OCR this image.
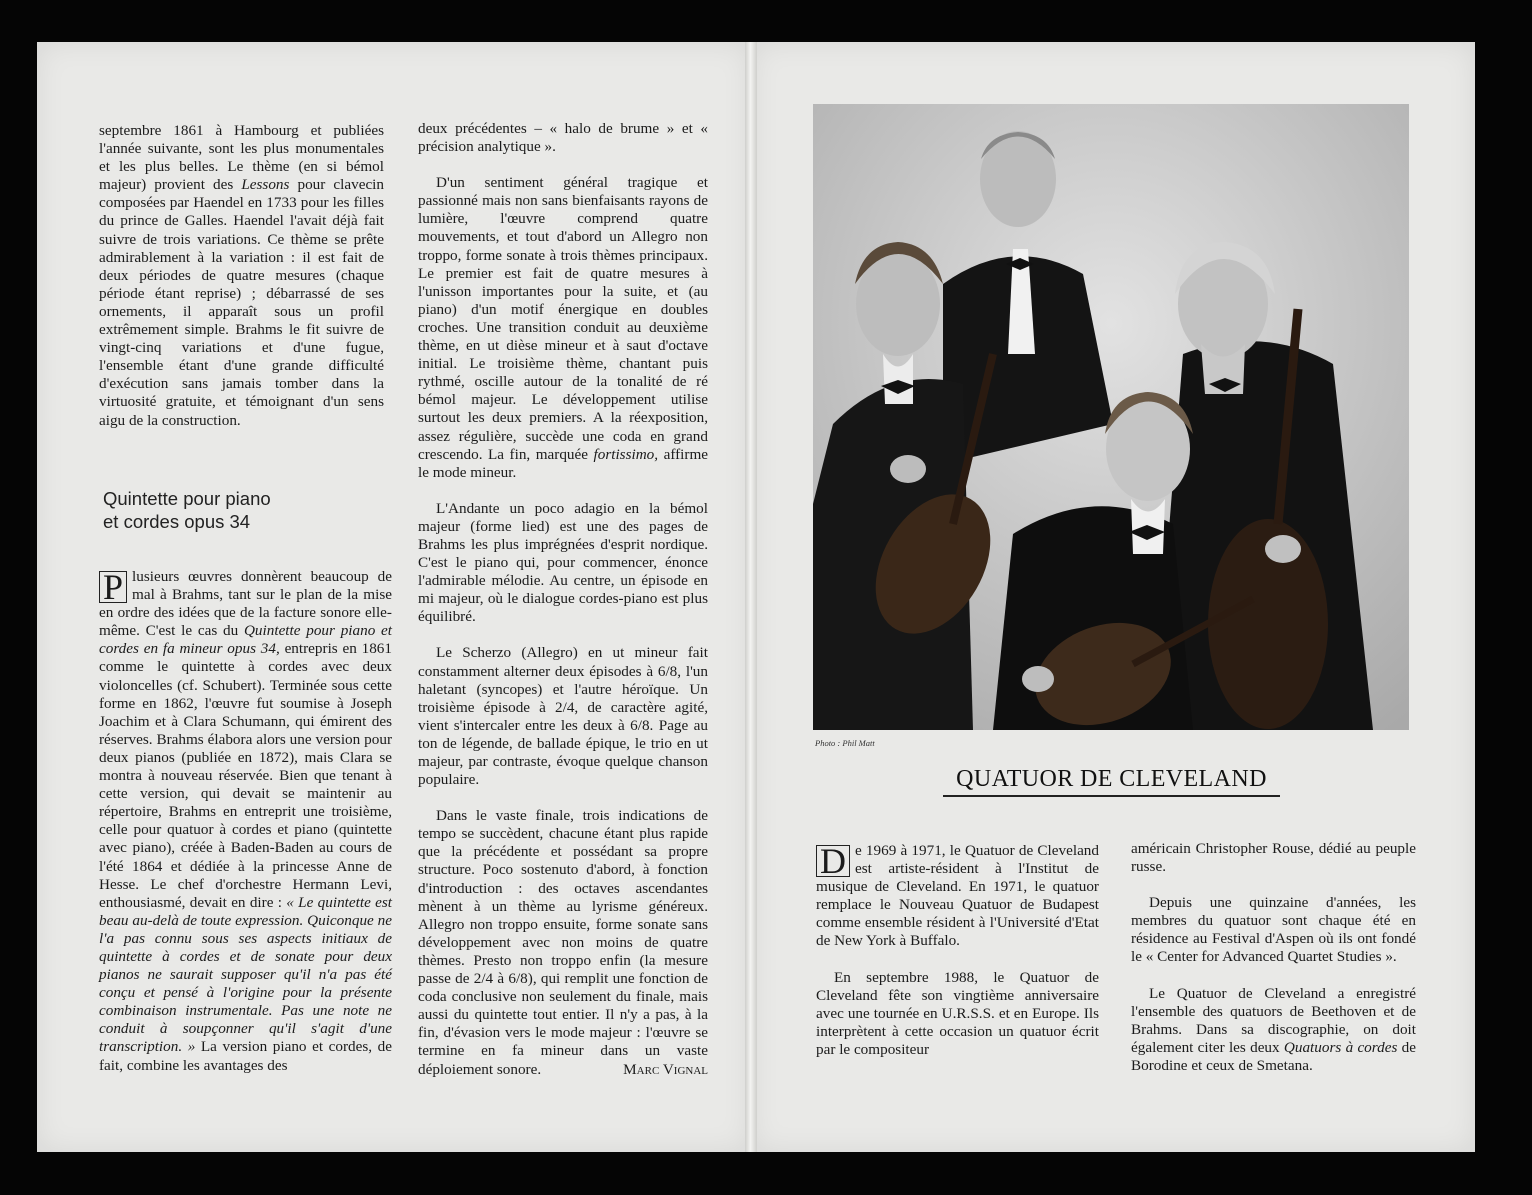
septembre 1861 à Hambourg et publiées l'année suivante, sont les plus monumentales et les plus belles. Le thème (en si bémol majeur) provient des Lessons pour clavecin composées par Haendel en 1733 pour les filles du prince de Galles. Haendel l'avait déjà fait suivre de trois variations. Ce thème se prête admirablement à la variation : il est fait de deux périodes de quatre mesures (chaque période étant reprise) ; débarrassé de ses ornements, il apparaît sous un profil extrêmement simple. Brahms le fit suivre de vingt-cinq variations et d'une fugue, l'ensemble étant d'une grande difficulté d'exécution sans jamais tomber dans la virtuosité gratuite, et témoignant d'un sens aigu de la construction.

Quintette pour piano
et cordes opus 34

P lusieurs œuvres donnèrent beaucoup de mal à Brahms, tant sur le plan de la mise en ordre des idées que de la facture sonore elle-même. C'est le cas du Quintette pour piano et cordes en fa mineur opus 34, entrepris en 1861 comme le quintette à cordes avec deux violoncelles (cf. Schubert). Terminée sous cette forme en 1862, l'œuvre fut soumise à Joseph Joachim et à Clara Schumann, qui émirent des réserves. Brahms élabora alors une version pour deux pianos (publiée en 1872), mais Clara se montra à nouveau réservée. Bien que tenant à cette version, qui devait se maintenir au répertoire, Brahms en entreprit une troisième, celle pour quatuor à cordes et piano (quintette avec piano), créée à Baden-Baden au cours de l'été 1864 et dédiée à la princesse Anne de Hesse. Le chef d'orchestre Hermann Levi, enthousiasmé, devait en dire : « Le quintette est beau au-delà de toute expression. Quiconque ne l'a pas connu sous ses aspects initiaux de quintette à cordes et de sonate pour deux pianos ne saurait supposer qu'il n'a pas été conçu et pensé à l'origine pour la présente combinaison instrumentale. Pas une note ne conduit à soupçonner qu'il s'agit d'une transcription. » La version piano et cordes, de fait, combine les avantages des

deux précédentes – « halo de brume » et « précision analytique ».

D'un sentiment général tragique et passionné mais non sans bienfaisants rayons de lumière, l'œuvre comprend quatre mouvements, et tout d'abord un Allegro non troppo, forme sonate à trois thèmes principaux. Le premier est fait de quatre mesures à l'unisson importantes pour la suite, et (au piano) d'un motif énergique en doubles croches. Une transition conduit au deuxième thème, en ut dièse mineur et à saut d'octave initial. Le troisième thème, chantant puis rythmé, oscille autour de la tonalité de ré bémol majeur. Le développement utilise surtout les deux premiers. A la réexposition, assez régulière, succède une coda en grand crescendo. La fin, marquée fortissimo, affirme le mode mineur.

L'Andante un poco adagio en la bémol majeur (forme lied) est une des pages de Brahms les plus imprégnées d'esprit nordique. C'est le piano qui, pour commencer, énonce l'admirable mélodie. Au centre, un épisode en mi majeur, où le dialogue cordes-piano est plus équilibré.

Le Scherzo (Allegro) en ut mineur fait constamment alterner deux épisodes à 6/8, l'un haletant (syncopes) et l'autre héroïque. Un troisième épisode à 2/4, de caractère agité, vient s'intercaler entre les deux à 6/8. Page au ton de légende, de ballade épique, le trio en ut majeur, par contraste, évoque quelque chanson populaire.

Dans le vaste finale, trois indications de tempo se succèdent, chacune étant plus rapide que la précédente et possédant sa propre structure. Poco sostenuto d'abord, à fonction d'introduction : des octaves ascendantes mènent à un thème au lyrisme généreux. Allegro non troppo ensuite, forme sonate sans développement avec non moins de quatre thèmes. Presto non troppo enfin (la mesure passe de 2/4 à 6/8), qui remplit une fonction de coda conclusive non seulement du finale, mais aussi du quintette tout entier. Il n'y a pas, à la fin, d'évasion vers le mode majeur : l'œuvre se termine en fa mineur dans un vaste déploiement sonore.	Marc Vignal

Photo : Phil Matt
QUATUOR DE CLEVELAND

D e 1969 à 1971, le Quatuor de Cleveland est artiste-résident à l'Institut de musique de Cleveland. En 1971, le quatuor remplace le Nouveau Quatuor de Budapest comme ensemble résident à l'Université d'Etat de New York à Buffalo.

En septembre 1988, le Quatuor de Cleveland fête son vingtième anniversaire avec une tournée en U.R.S.S. et en Europe. Ils interprètent à cette occasion un quatuor écrit par le compositeur

américain Christopher Rouse, dédié au peuple russe.

Depuis une quinzaine d'années, les membres du quatuor sont chaque été en résidence au Festival d'Aspen où ils ont fondé le « Center for Advanced Quartet Studies ».

Le Quatuor de Cleveland a enregistré l'ensemble des quatuors de Beethoven et de Brahms. Dans sa discographie, on doit également citer les deux Quatuors à cordes de Borodine et ceux de Smetana.
